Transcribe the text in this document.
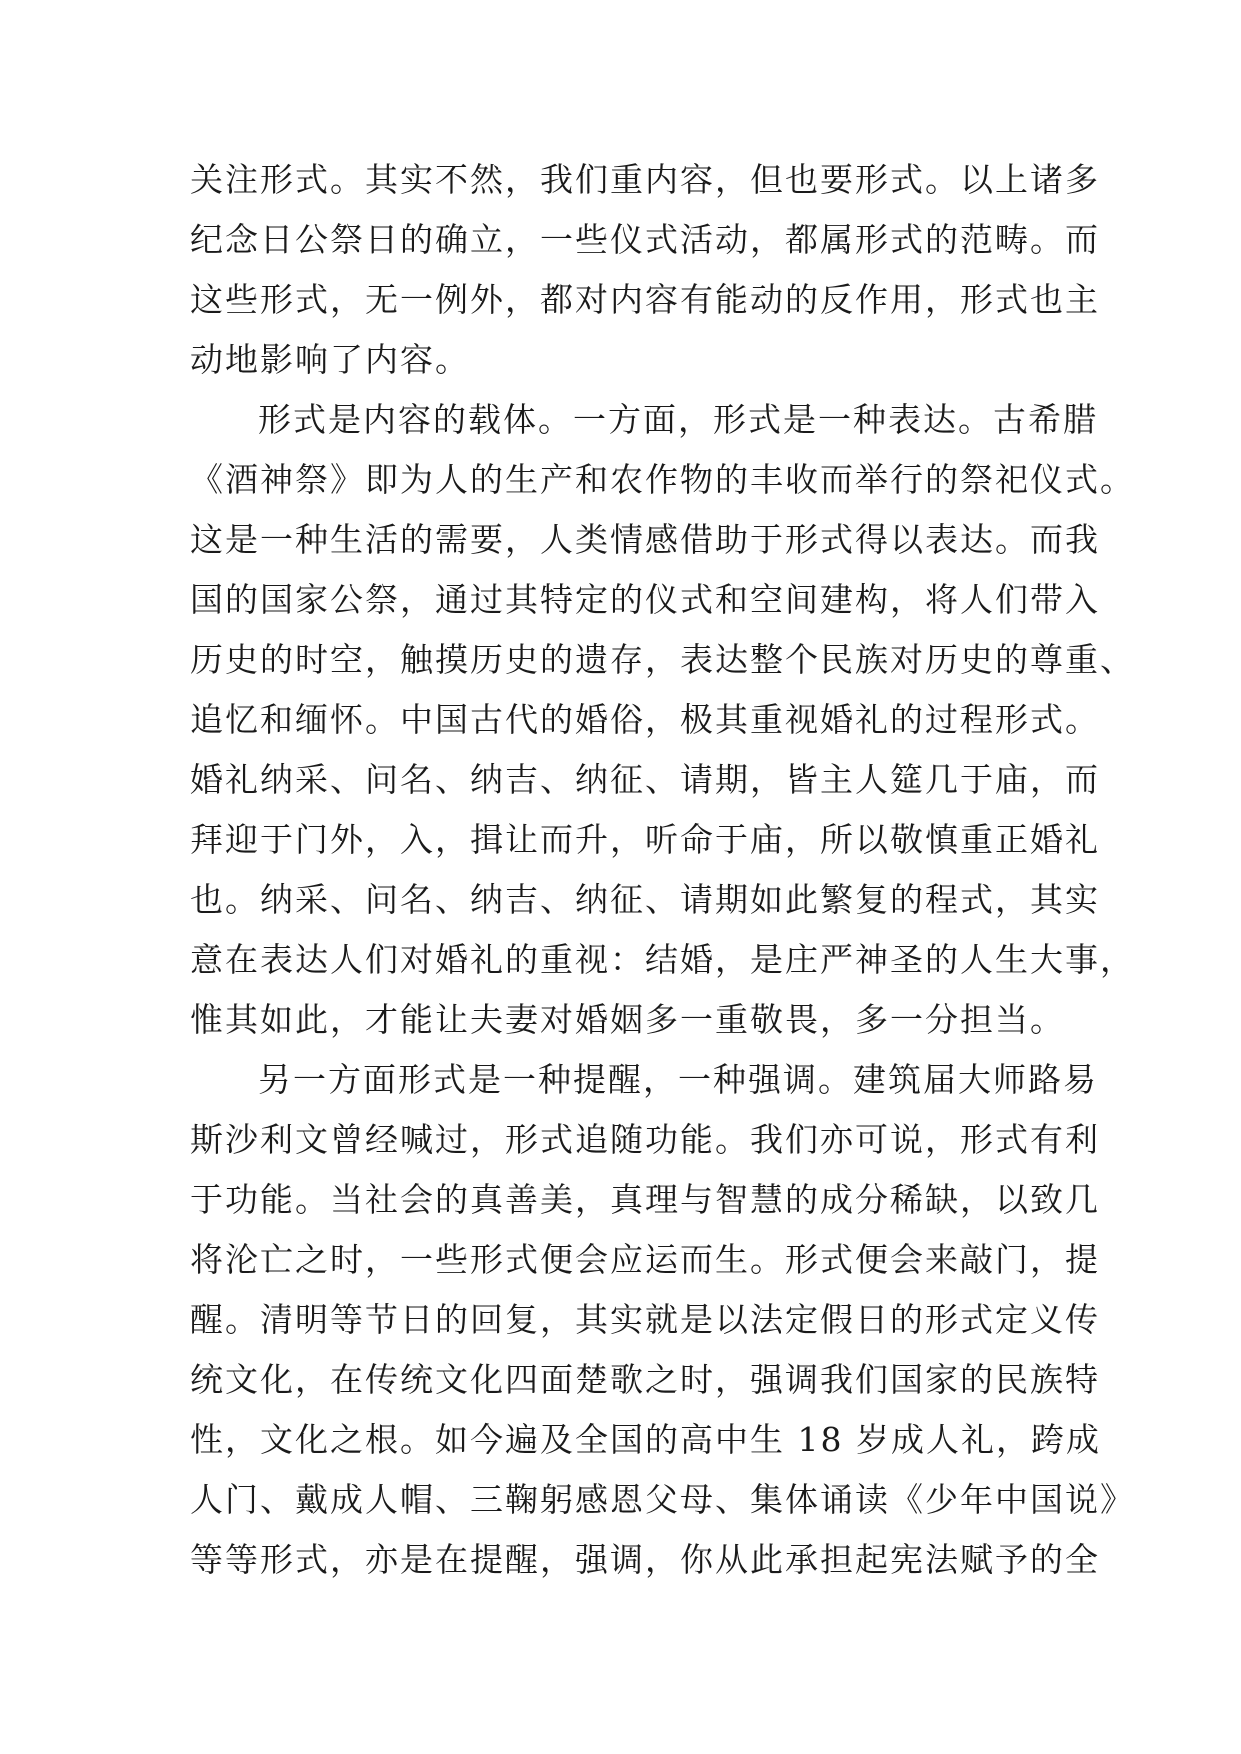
关注形式。其实不然，我们重内容，但也要形式。以上诸多
纪念日公祭日的确立，一些仪式活动，都属形式的范畴。而
这些形式，无一例外，都对内容有能动的反作用，形式也主
动地影响了内容。
形式是内容的载体。一方面，形式是一种表达。古希腊
《酒神祭》即为人的生产和农作物的丰收而举行的祭祀仪式。
这是一种生活的需要，人类情感借助于形式得以表达。而我
国的国家公祭，通过其特定的仪式和空间建构，将人们带入
历史的时空，触摸历史的遗存，表达整个民族对历史的尊重、
追忆和缅怀。中国古代的婚俗，极其重视婚礼的过程形式。
婚礼纳采、问名、纳吉、纳征、请期，皆主人筵几于庙，而
拜迎于门外，入，揖让而升，听命于庙，所以敬慎重正婚礼
也。纳采、问名、纳吉、纳征、请期如此繁复的程式，其实
意在表达人们对婚礼的重视：结婚，是庄严神圣的人生大事，
惟其如此，才能让夫妻对婚姻多一重敬畏，多一分担当。
另一方面形式是一种提醒，一种强调。建筑届大师路易
斯沙利文曾经喊过，形式追随功能。我们亦可说，形式有利
于功能。当社会的真善美，真理与智慧的成分稀缺，以致几
将沦亡之时，一些形式便会应运而生。形式便会来敲门，提
醒。清明等节日的回复，其实就是以法定假日的形式定义传
统文化，在传统文化四面楚歌之时，强调我们国家的民族特
性，文化之根。如今遍及全国的高中生 18 岁成人礼，跨成
人门、戴成人帽、三鞠躬感恩父母、集体诵读《少年中国说》
等等形式，亦是在提醒，强调，你从此承担起宪法赋予的全
